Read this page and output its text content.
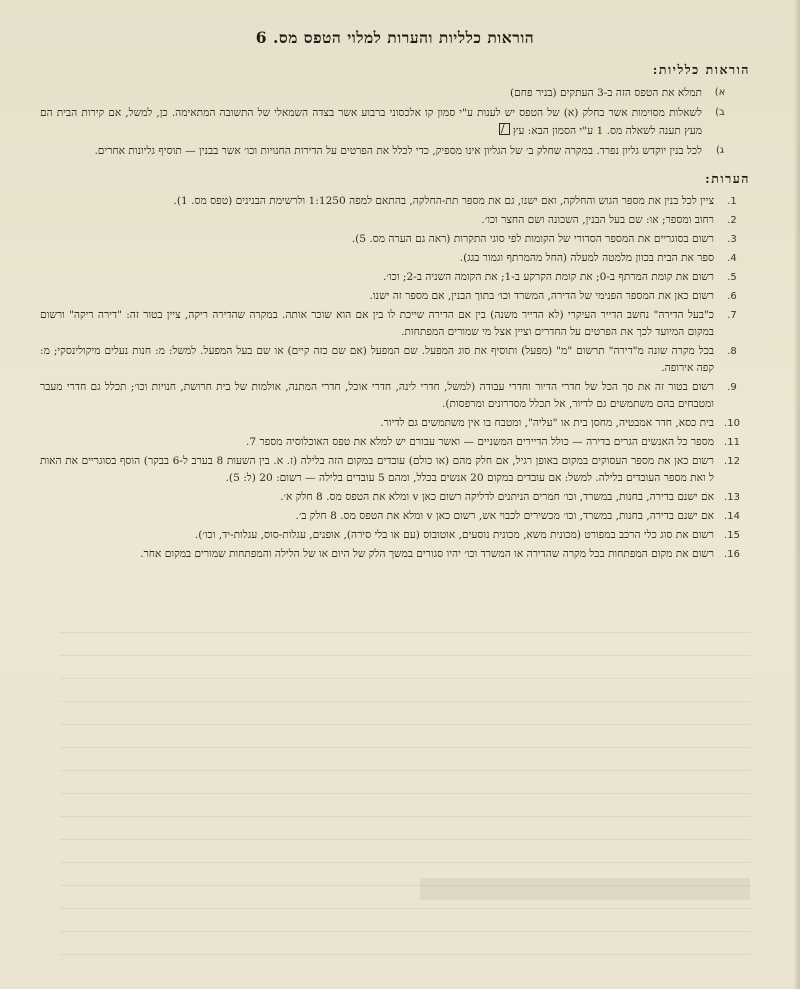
הוראות כלליות והערות למלוי הטפס מס. 6
הוראות כלליות:
א)
תמלא את הטפס הזה ב-3 העתקים (בניר פחם)
ב)
לשאלות מסוימות אשר בחלק (א) של הטפס יש לענות ע"י סמון קו אלכסוני ברבוע אשר בצדה השמאלי של התשובה המתאימה. כן, למשל, אם קירות הבית הם מעץ תענה לשאלה מס. 1 ע"י הסמון הבא: עץ/
ג)
לכל בנין יוקדש גליון נפרד. במקרה שחלק ב׳ של הגליון אינו מספיק, כדי לכלל את הפרטים על הדירות החנויות וכו׳ אשר בבנין — תוסיף גליונות אחרים.
הערות:
1.
ציין לכל בנין את מספר הגוש והחלקה, ואם ישנו, גם את מספר תת-החלקה, בהתאם למפה 1:1250 ולרשימת הבנינים (טפס מס. 1).
2.
רחוב ומספר; או: שם בעל הבנין, השכונה ושם החצר וכו׳.
3.
רשום בסוגריים את המספר הסדורי של הקומות לפי סוגי התקרות (ראה גם הערה מס. 5).
4.
ספר את הבית בכוון מלמטה למעלה (החל מהמרתף וגמור בגג).
5.
רשום את קומת המרתף ב-0; את קומת הקרקע ב-1; את הקומה השניה ב-2; וכו׳.
6.
רשום כאן את המספר הפנימי של הדירה, המשרד וכו׳ בתוך הבנין, אם מספר זה ישנו.
7.
כ"בעל הדירה" נחשב הדייר העיקרי (לא הדייר משנה) בין אם הדירה שייכת לו בין אם הוא שוכר אותה. במקרה שהדירה ריקה, ציין בטור זה: "דירה ריקה" ורשום במקום המיועד לכך את הפרטים על החדרים וציין אצל מי שמורים המפתחות.
8.
בכל מקרה שונה מ"דירה" תרשום "מ" (מפעל) ותוסיף את סוג המפעל. שם המפעל (אם שם כזה קיים) או שם בעל המפעל. למשל: מ: חנות נעלים מיקולינסקי; מ: קפה אירופה.
9.
רשום בטור זה את סך הכל של חדרי הדיור וחדרי עבודה (למשל, חדרי לינה, חדרי אוכל, חדרי המתנה, אולמות של בית חרושת, חנויות וכו׳; תכלל גם חדרי מעבר ומטבחים בהם משתמשים גם לדיור, אל תכלל מסדרונים ומרפסות).
10.
בית כסא, חדר אמבטיה, מחסן בית או "עליה", ומטבח בו אין משתמשים גם לדיור.
11.
מספר כל האנשים הגרים בדירה — כולל הדיירים המשניים — ואשר עבורם יש למלא את טפס האוכלוסיה מספר 7.
12.
רשום כאן את מספר העסוקים במקום באופן רגיל, אם חלק מהם (או כולם) עובדים במקום הזה בלילה (ז. א. בין השעות 8 בערב ל-6 בבקר) הוסף בסוגריים את האות ל ואת מספר העובדים בלילה. למשל: אם עובדים במקום 20 אנשים בכלל, ומהם 5 עובדים בלילה — רשום: 20 (ל: 5).
13.
אם ישנם בדירה, בחנות, במשרד, וכו׳ חמרים הניתנים לדליקה רשום כאן v ומלא את הטפס מס. 8 חלק א׳.
14.
אם ישנם בדירה, בחנות, במשרד, וכו׳ מכשירים לכבוי אש, רשום כאן v ומלא את הטפס מס. 8 חלק ב׳.
15.
רשום את סוג כלי הרכב במפורט (מכונית משא, מכונית נוסעים, אוטובוס (עם או בלי סירה), אופנים, עגלות-סוס, עגלות-יד, וכו׳).
16.
רשום את מקום המפתחות בכל מקרה שהדירה או המשרד וכו׳ יהיו סגורים במשך הלק של היום או של הלילה והמפתחות שמורים במקום אחר.
